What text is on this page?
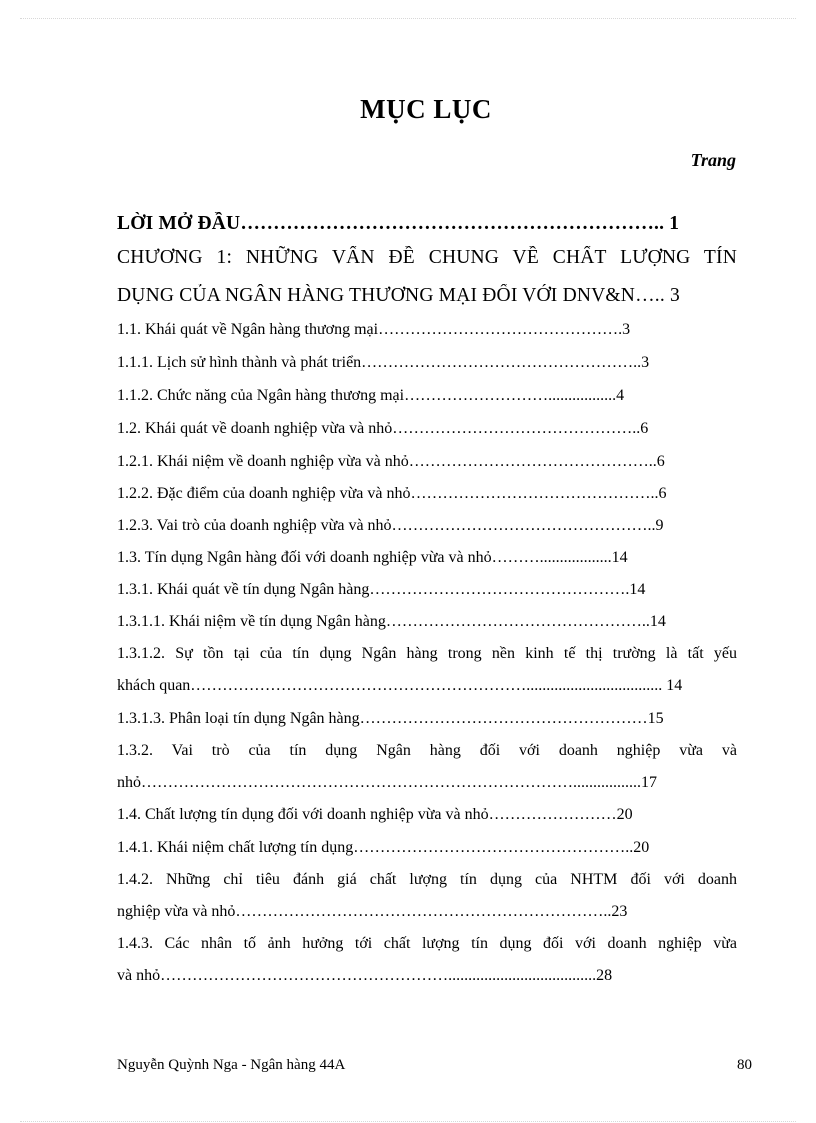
MỤC LỤC
Trang
LỜI MỞ ĐẦU……………………………………………………….. 1
CHƯƠNG 1: NHỮNG VẤN ĐỀ CHUNG VỀ CHẤT LƯỢNG TÍN
DỤNG CỦA NGÂN HÀNG THƯƠNG MẠI ĐỐI VỚI DNV&N….. 3
1.1. Khái quát về Ngân hàng thương mại……………………………………….3
1.1.1. Lịch sử hình thành và phát triển……………………………………………..3
1.1.2. Chức năng của Ngân hàng thương mại……………………….................4
1.2. Khái quát về doanh nghiệp vừa và nhỏ………………………………………..6
1.2.1. Khái niệm về doanh nghiệp vừa và nhỏ………………………………………..6
1.2.2. Đặc điểm của doanh nghiệp vừa và nhỏ………………………………………..6
1.2.3. Vai trò của doanh nghiệp vừa và nhỏ…………………………………………..9
1.3. Tín dụng Ngân hàng đối với doanh nghiệp vừa và nhỏ………..................14
1.3.1. Khái quát về tín dụng Ngân hàng………………………………………….14
1.3.1.1. Khái niệm về tín dụng Ngân hàng…………………………………………..14
1.3.1.2. Sự tồn tại của tín dụng Ngân hàng trong nền kinh tế thị trường là tất yếu
khách quan……………………………………………………….................................. 14
1.3.1.3. Phân loại tín dụng Ngân hàng………………………………………………15
1.3.2. Vai trò của tín dụng Ngân hàng đối với doanh nghiệp vừa và
nhỏ……………………………………………………………………….................17
1.4. Chất lượng tín dụng đối với doanh nghiệp vừa và nhỏ……………………20
1.4.1. Khái niệm chất lượng tín dụng……………………………………………..20
1.4.2. Những chỉ tiêu đánh giá chất lượng tín dụng của NHTM đối với doanh
nghiệp vừa và nhỏ……………………………………………………………..23
1.4.3. Các nhân tố ảnh hưởng tới chất lượng tín dụng đối với doanh nghiệp vừa
và nhỏ……………………………………………….....................................28
Nguyễn Quỳnh Nga - Ngân hàng 44A	80
